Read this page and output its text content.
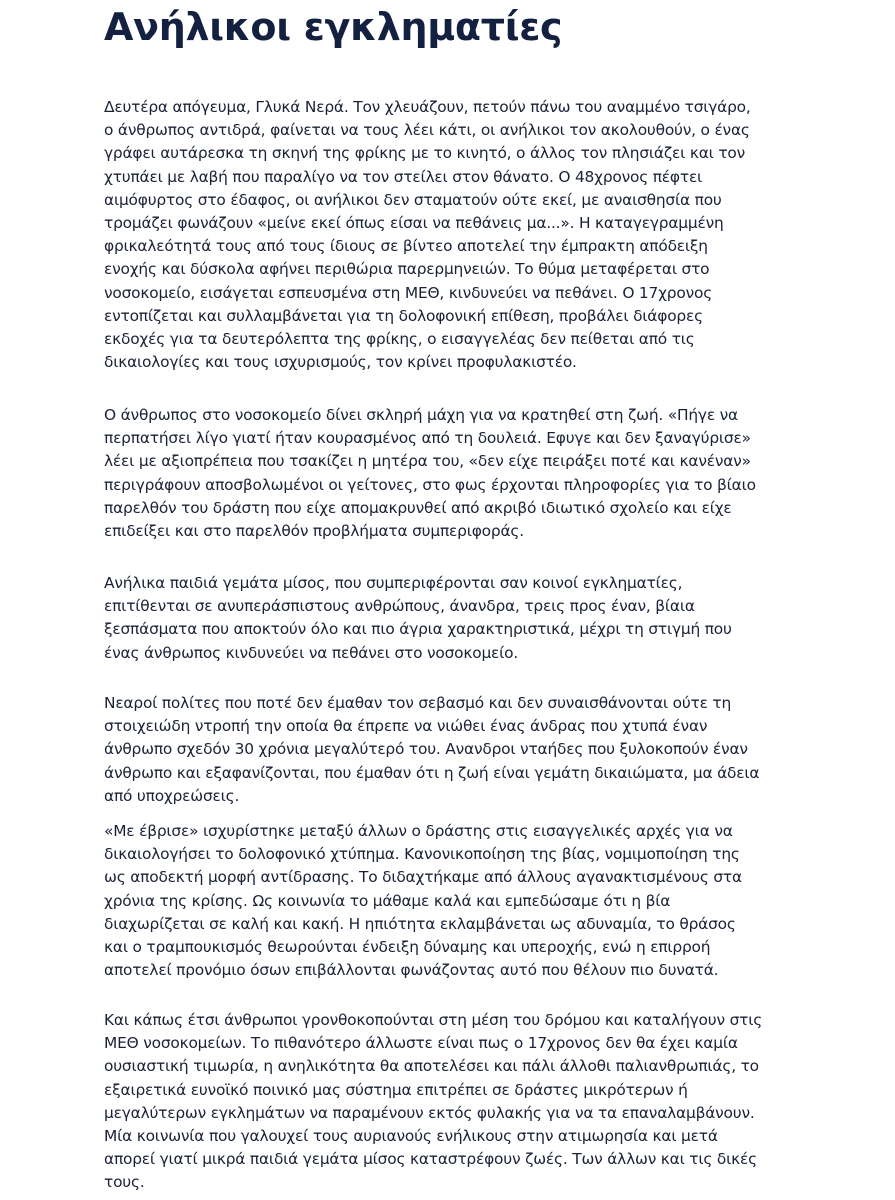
Ανήλικοι εγκληματίες

Δευτέρα απόγευμα, Γλυκά Νερά. Τον χλευάζουν, πετούν πάνω του αναμμένο τσιγάρο, ο άνθρωπος αντιδρά, φαίνεται να τους λέει κάτι, οι ανήλικοι τον ακολουθούν, ο ένας γράφει αυτάρεσκα τη σκηνή της φρίκης με το κινητό, ο άλλος τον πλησιάζει και τον χτυπάει με λαβή που παραλίγο να τον στείλει στον θάνατο. Ο 48χρονος πέφτει αιμόφυρτος στο έδαφος, οι ανήλικοι δεν σταματούν ούτε εκεί, με αναισθησία που τρομάζει φωνάζουν «μείνε εκεί όπως είσαι να πεθάνεις μα...». Η καταγεγραμμένη φρικαλεότητά τους από τους ίδιους σε βίντεο αποτελεί την έμπρακτη απόδειξη ενοχής και δύσκολα αφήνει περιθώρια παρερμηνειών. Το θύμα μεταφέρεται στο νοσοκομείο, εισάγεται εσπευσμένα στη ΜΕΘ, κινδυνεύει να πεθάνει. Ο 17χρονος εντοπίζεται και συλλαμβάνεται για τη δολοφονική επίθεση, προβάλει διάφορες εκδοχές για τα δευτερόλεπτα της φρίκης, ο εισαγγελέας δεν πείθεται από τις δικαιολογίες και τους ισχυρισμούς, τον κρίνει προφυλακιστέο.

Ο άνθρωπος στο νοσοκομείο δίνει σκληρή μάχη για να κρατηθεί στη ζωή. «Πήγε να περπατήσει λίγο γιατί ήταν κουρασμένος από τη δουλειά. Εφυγε και δεν ξαναγύρισε» λέει με αξιοπρέπεια που τσακίζει η μητέρα του, «δεν είχε πειράξει ποτέ και κανέναν» περιγράφουν αποσβολωμένοι οι γείτονες, στο φως έρχονται πληροφορίες για το βίαιο παρελθόν του δράστη που είχε απομακρυνθεί από ακριβό ιδιωτικό σχολείο και είχε επιδείξει και στο παρελθόν προβλήματα συμπεριφοράς.

Ανήλικα παιδιά γεμάτα μίσος, που συμπεριφέρονται σαν κοινοί εγκληματίες, επιτίθενται σε ανυπεράσπιστους ανθρώπους, άνανδρα, τρεις προς έναν, βίαια ξεσπάσματα που αποκτούν όλο και πιο άγρια χαρακτηριστικά, μέχρι τη στιγμή που ένας άνθρωπος κινδυνεύει να πεθάνει στο νοσοκομείο.

Νεαροί πολίτες που ποτέ δεν έμαθαν τον σεβασμό και δεν συναισθάνονται ούτε τη στοιχειώδη ντροπή την οποία θα έπρεπε να νιώθει ένας άνδρας που χτυπά έναν άνθρωπο σχεδόν 30 χρόνια μεγαλύτερό του. Ανανδροι νταήδες που ξυλοκοπούν έναν άνθρωπο και εξαφανίζονται, που έμαθαν ότι η ζωή είναι γεμάτη δικαιώματα, μα άδεια από υποχρεώσεις.

«Με έβρισε» ισχυρίστηκε μεταξύ άλλων ο δράστης στις εισαγγελικές αρχές για να δικαιολογήσει το δολοφονικό χτύπημα. Κανονικοποίηση της βίας, νομιμοποίηση της ως αποδεκτή μορφή αντίδρασης. Το διδαχτήκαμε από άλλους αγανακτισμένους στα χρόνια της κρίσης. Ως κοινωνία το μάθαμε καλά και εμπεδώσαμε ότι η βία διαχωρίζεται σε καλή και κακή. Η ηπιότητα εκλαμβάνεται ως αδυναμία, το θράσος και ο τραμπουκισμός θεωρούνται ένδειξη δύναμης και υπεροχής, ενώ η επιρροή αποτελεί προνόμιο όσων επιβάλλονται φωνάζοντας αυτό που θέλουν πιο δυνατά.

Και κάπως έτσι άνθρωποι γρονθοκοπούνται στη μέση του δρόμου και καταλήγουν στις ΜΕΘ νοσοκομείων. Το πιθανότερο άλλωστε είναι πως ο 17χρονος δεν θα έχει καμία ουσιαστική τιμωρία, η ανηλικότητα θα αποτελέσει και πάλι άλλοθι παλιανθρωπιάς, το εξαιρετικά ευνοϊκό ποινικό μας σύστημα επιτρέπει σε δράστες μικρότερων ή μεγαλύτερων εγκλημάτων να παραμένουν εκτός φυλακής για να τα επαναλαμβάνουν. Μία κοινωνία που γαλουχεί τους αυριανούς ενήλικους στην ατιμωρησία και μετά απορεί γιατί μικρά παιδιά γεμάτα μίσος καταστρέφουν ζωές. Των άλλων και τις δικές τους.
